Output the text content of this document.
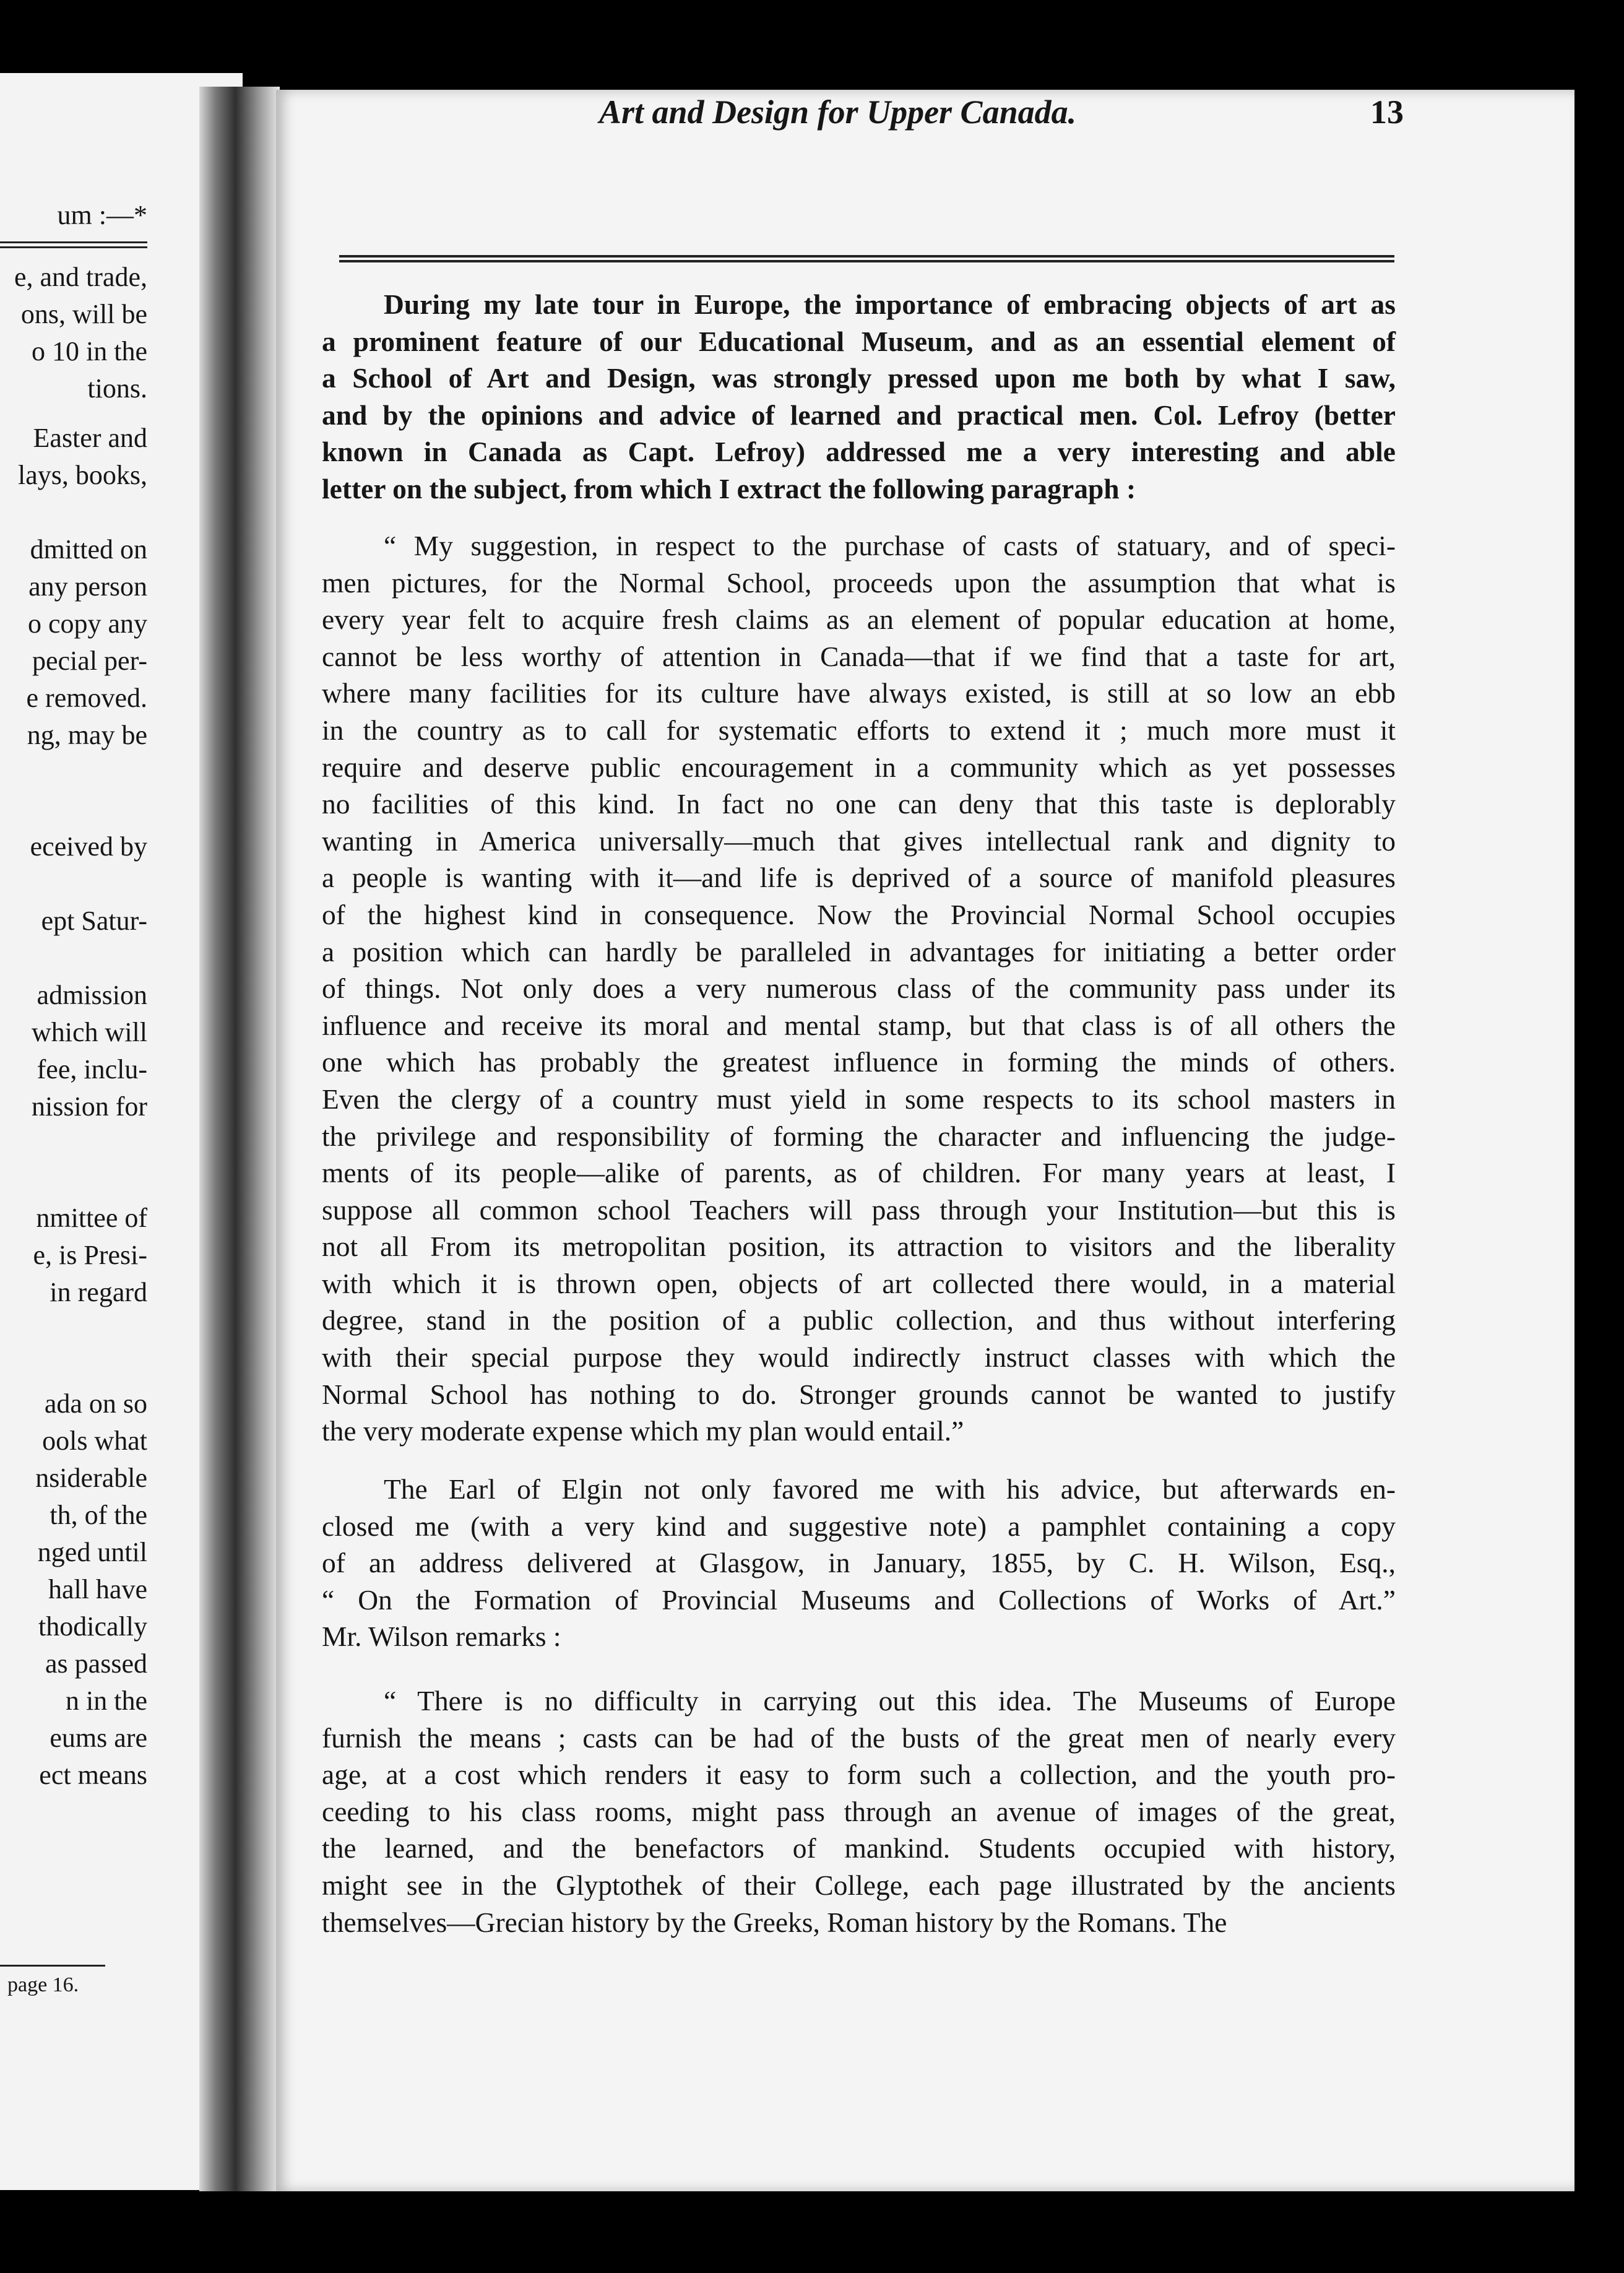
um :—*
e, and trade,
ons, will be
o 10 in the
tions.
Easter and
lays, books,
dmitted on
any person
o copy any
pecial per-
e removed.
ng, may be
eceived by
ept Satur-
admission
which will
fee, inclu-
nission for
nmittee of
e, is Presi-
in regard
ada on so
ools what
nsiderable
th, of the
nged until
hall have
thodically
as passed
n in the
eums are
ect means
page 16.
Art and Design for Upper Canada.	13
During my late tour in Europe, the importance of embracing objects of art as
a prominent feature of our Educational Museum, and as an essential element of
a School of Art and Design, was strongly pressed upon me both by what I saw,
and by the opinions and advice of learned and practical men. Col. Lefroy (better
known in Canada as Capt. Lefroy) addressed me a very interesting and able
letter on the subject, from which I extract the following paragraph :
“ My suggestion, in respect to the purchase of casts of statuary, and of speci-
men pictures, for the Normal School, proceeds upon the assumption that what is
every year felt to acquire fresh claims as an element of popular education at home,
cannot be less worthy of attention in Canada—that if we find that a taste for art,
where many facilities for its culture have always existed, is still at so low an ebb
in the country as to call for systematic efforts to extend it ; much more must it
require and deserve public encouragement in a community which as yet possesses
no facilities of this kind. In fact no one can deny that this taste is deplorably
wanting in America universally—much that gives intellectual rank and dignity to
a people is wanting with it—and life is deprived of a source of manifold pleasures
of the highest kind in consequence. Now the Provincial Normal School occupies
a position which can hardly be paralleled in advantages for initiating a better order
of things. Not only does a very numerous class of the community pass under its
influence and receive its moral and mental stamp, but that class is of all others the
one which has probably the greatest influence in forming the minds of others.
Even the clergy of a country must yield in some respects to its school masters in
the privilege and responsibility of forming the character and influencing the judge-
ments of its people—alike of parents, as of children. For many years at least, I
suppose all common school Teachers will pass through your Institution—but this is
not all From its metropolitan position, its attraction to visitors and the liberality
with which it is thrown open, objects of art collected there would, in a material
degree, stand in the position of a public collection, and thus without interfering
with their special purpose they would indirectly instruct classes with which the
Normal School has nothing to do. Stronger grounds cannot be wanted to justify
the very moderate expense which my plan would entail.”
The Earl of Elgin not only favored me with his advice, but afterwards en-
closed me (with a very kind and suggestive note) a pamphlet containing a copy
of an address delivered at Glasgow, in January, 1855, by C. H. Wilson, Esq.,
“ On the Formation of Provincial Museums and Collections of Works of Art.”
Mr. Wilson remarks :
“ There is no difficulty in carrying out this idea. The Museums of Europe
furnish the means ; casts can be had of the busts of the great men of nearly every
age, at a cost which renders it easy to form such a collection, and the youth pro-
ceeding to his class rooms, might pass through an avenue of images of the great,
the learned, and the benefactors of mankind. Students occupied with history,
might see in the Glyptothek of their College, each page illustrated by the ancients
themselves—Grecian history by the Greeks, Roman history by the Romans. The
